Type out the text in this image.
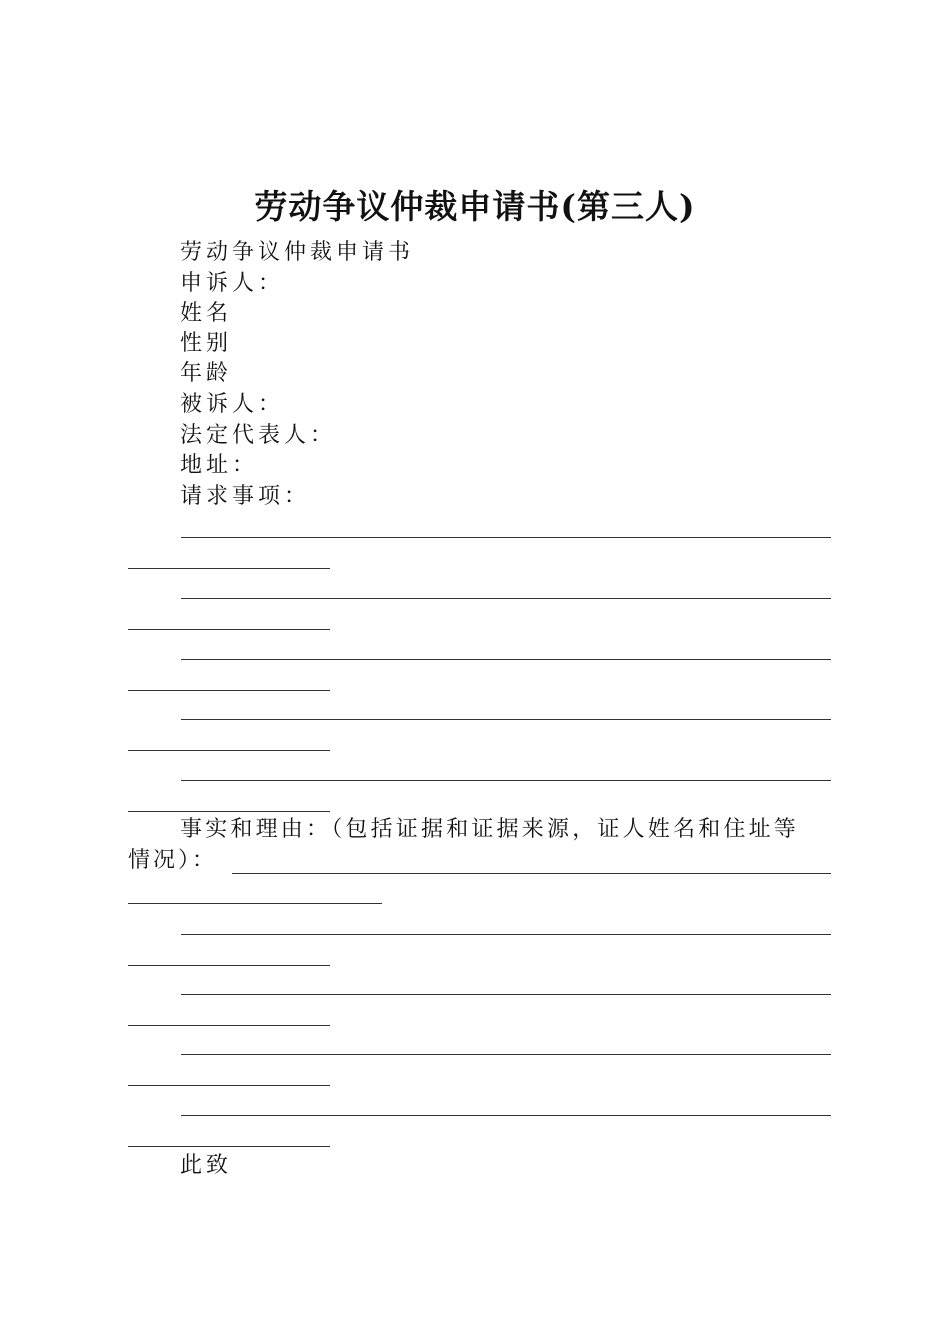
劳动争议仲裁申请书(第三人)
劳动争议仲裁申请书
申诉人：
姓名
性别
年龄
被诉人：
法定代表人：
地址：
请求事项：
事实和理由：（包括证据和证据来源，证人姓名和住址等
情况）：
此致
